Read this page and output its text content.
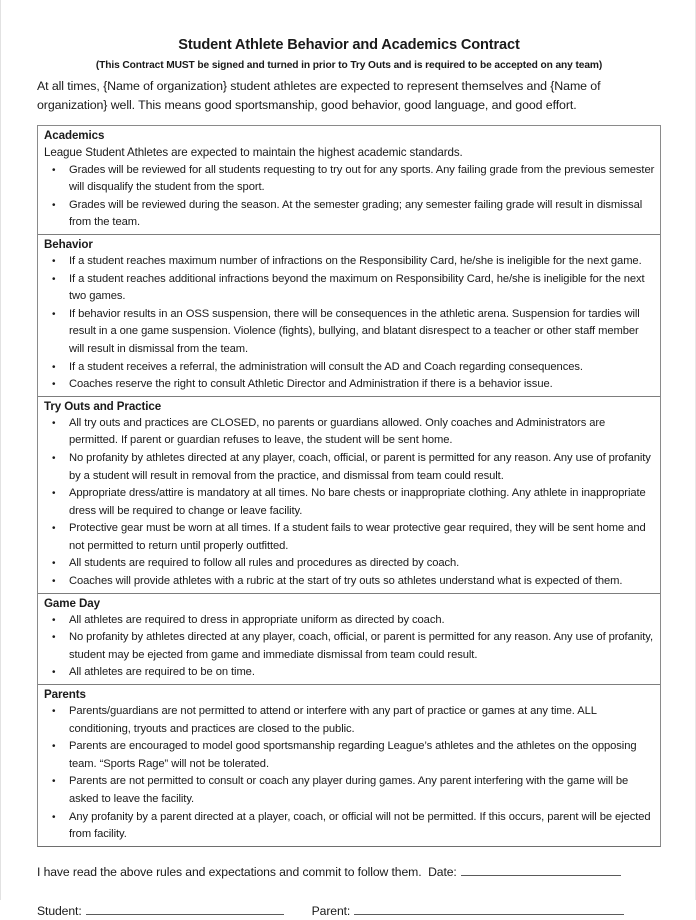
Student Athlete Behavior and Academics Contract
(This Contract MUST be signed and turned in prior to Try Outs and is required to be accepted on any team)
At all times, {Name of organization} student athletes are expected to represent themselves and {Name of organization} well. This means good sportsmanship, good behavior, good language, and good effort.
Academics
League Student Athletes are expected to maintain the highest academic standards.
• Grades will be reviewed for all students requesting to try out for any sports. Any failing grade from the previous semester will disqualify the student from the sport.
• Grades will be reviewed during the season. At the semester grading; any semester failing grade will result in dismissal from the team.
Behavior
• If a student reaches maximum number of infractions on the Responsibility Card, he/she is ineligible for the next game.
• If a student reaches additional infractions beyond the maximum on Responsibility Card, he/she is ineligible for the next two games.
• If behavior results in an OSS suspension, there will be consequences in the athletic arena. Suspension for tardies will result in a one game suspension. Violence (fights), bullying, and blatant disrespect to a teacher or other staff member will result in dismissal from the team.
• If a student receives a referral, the administration will consult the AD and Coach regarding consequences.
• Coaches reserve the right to consult Athletic Director and Administration if there is a behavior issue.
Try Outs and Practice
• All try outs and practices are CLOSED, no parents or guardians allowed. Only coaches and Administrators are permitted. If parent or guardian refuses to leave, the student will be sent home.
• No profanity by athletes directed at any player, coach, official, or parent is permitted for any reason. Any use of profanity by a student will result in removal from the practice, and dismissal from team could result.
• Appropriate dress/attire is mandatory at all times. No bare chests or inappropriate clothing. Any athlete in inappropriate dress will be required to change or leave facility.
• Protective gear must be worn at all times. If a student fails to wear protective gear required, they will be sent home and not permitted to return until properly outfitted.
• All students are required to follow all rules and procedures as directed by coach.
• Coaches will provide athletes with a rubric at the start of try outs so athletes understand what is expected of them.
Game Day
• All athletes are required to dress in appropriate uniform as directed by coach.
• No profanity by athletes directed at any player, coach, official, or parent is permitted for any reason. Any use of profanity, student may be ejected from game and immediate dismissal from team could result.
• All athletes are required to be on time.
Parents
• Parents/guardians are not permitted to attend or interfere with any part of practice or games at any time. ALL conditioning, tryouts and practices are closed to the public.
• Parents are encouraged to model good sportsmanship regarding League’s athletes and the athletes on the opposing team. “Sports Rage” will not be tolerated.
• Parents are not permitted to consult or coach any player during games. Any parent interfering with the game will be asked to leave the facility.
• Any profanity by a parent directed at a player, coach, or official will not be permitted. If this occurs, parent will be ejected from facility.
I have read the above rules and expectations and commit to follow them. Date:
Student:	Parent:
